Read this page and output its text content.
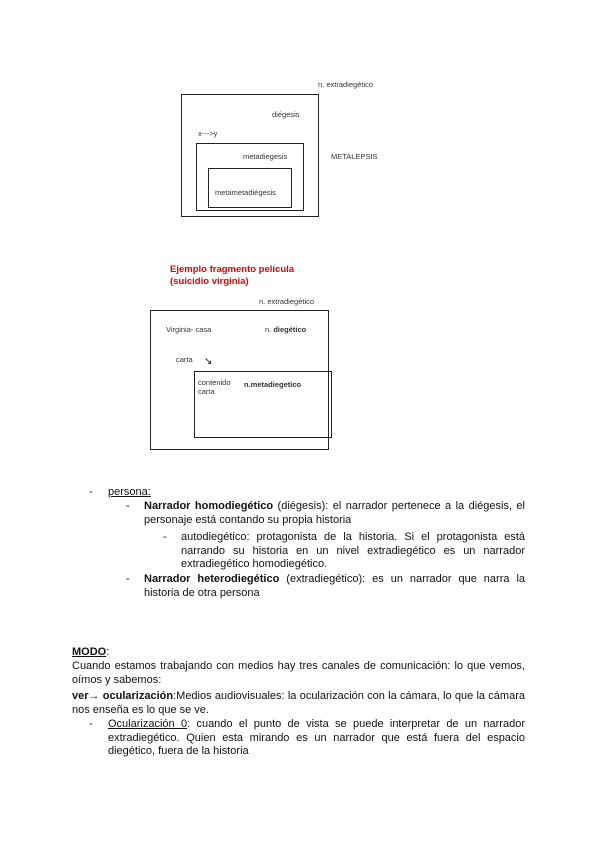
n. extradiegético
diégesis
x--->y
metadiegesis	METALEPSIS
metametadiégesis
Ejemplo fragmento película
(suicidio virginia)
n. extradiegético
Virginia- casa	n. diegético
carta ↘
contenido
carta
n.metadiegetico
- persona:
- Narrador homodiegético (diégesis): el narrador pertenece a la diégesis, el personaje está contando su propia historia
- autodiegético: protagonista de la historia. Si el protagonista está narrando su historia en un nivel extradiegético es un narrador extradiegético homodiegético.
- Narrador heterodiegético (extradiegético): es un narrador que narra la historia de otra persona
MODO:
Cuando estamos trabajando con medios hay tres canales de comunicación: lo que vemos, oímos y sabemos:
ver→ ocularización:Medios audiovisuales: la ocularización con la cámara, lo que la cámara nos enseña es lo que se ve.
- Ocularización 0: cuando el punto de vista se puede interpretar de un narrador extradiegético. Quien esta mirando es un narrador que está fuera del espacio diegético, fuera de la historia
